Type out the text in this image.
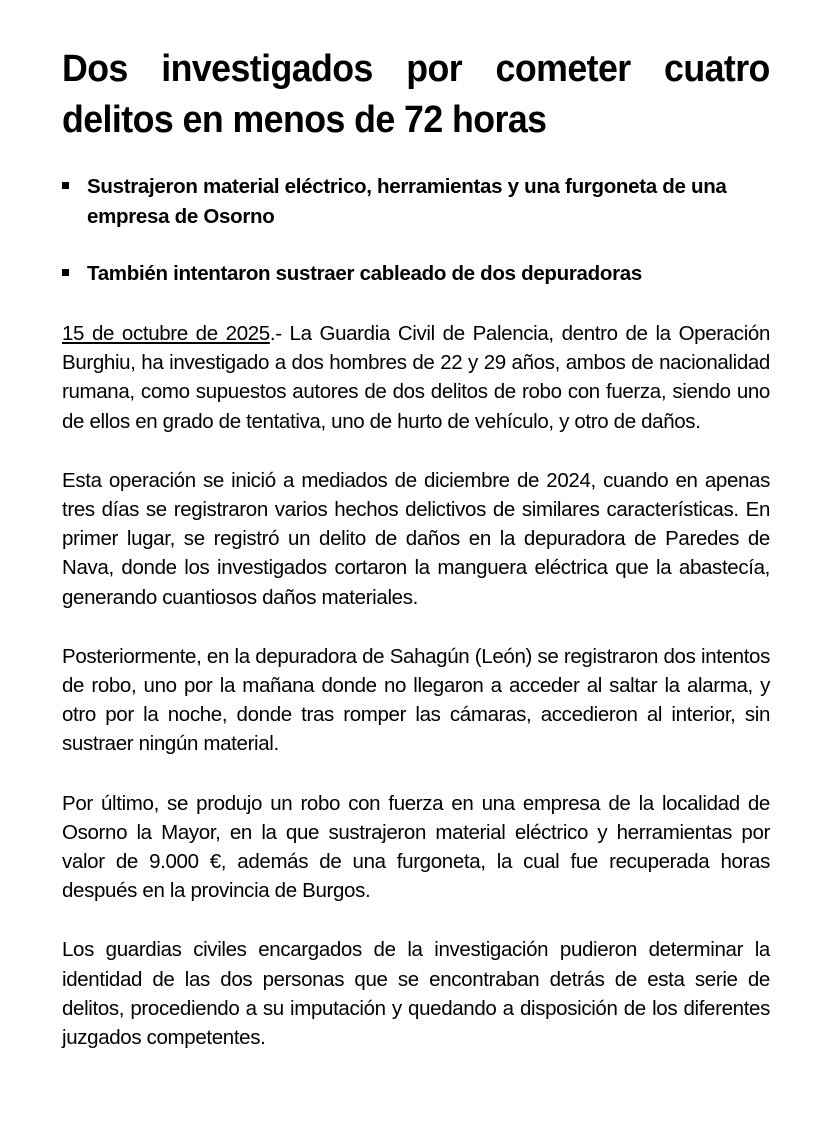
Dos investigados por cometer cuatro delitos en menos de 72 horas
Sustrajeron material eléctrico, herramientas y una furgoneta de una empresa de Osorno
También intentaron sustraer cableado de dos depuradoras

15 de octubre de 2025.- La Guardia Civil de Palencia, dentro de la Operación Burghiu, ha investigado a dos hombres de 22 y 29 años, ambos de nacionalidad rumana, como supuestos autores de dos delitos de robo con fuerza, siendo uno de ellos en grado de tentativa, uno de hurto de vehículo, y otro de daños.

Esta operación se inició a mediados de diciembre de 2024, cuando en apenas tres días se registraron varios hechos delictivos de similares características. En primer lugar, se registró un delito de daños en la depuradora de Paredes de Nava, donde los investigados cortaron la manguera eléctrica que la abastecía, generando cuantiosos daños materiales.

Posteriormente, en la depuradora de Sahagún (León) se registraron dos intentos de robo, uno por la mañana donde no llegaron a acceder al saltar la alarma, y otro por la noche, donde tras romper las cámaras, accedieron al interior, sin sustraer ningún material.

Por último, se produjo un robo con fuerza en una empresa de la localidad de Osorno la Mayor, en la que sustrajeron material eléctrico y herramientas por valor de 9.000 €, además de una furgoneta, la cual fue recuperada horas después en la provincia de Burgos.

Los guardias civiles encargados de la investigación pudieron determinar la identidad de las dos personas que se encontraban detrás de esta serie de delitos, procediendo a su imputación y quedando a disposición de los diferentes juzgados competentes.
